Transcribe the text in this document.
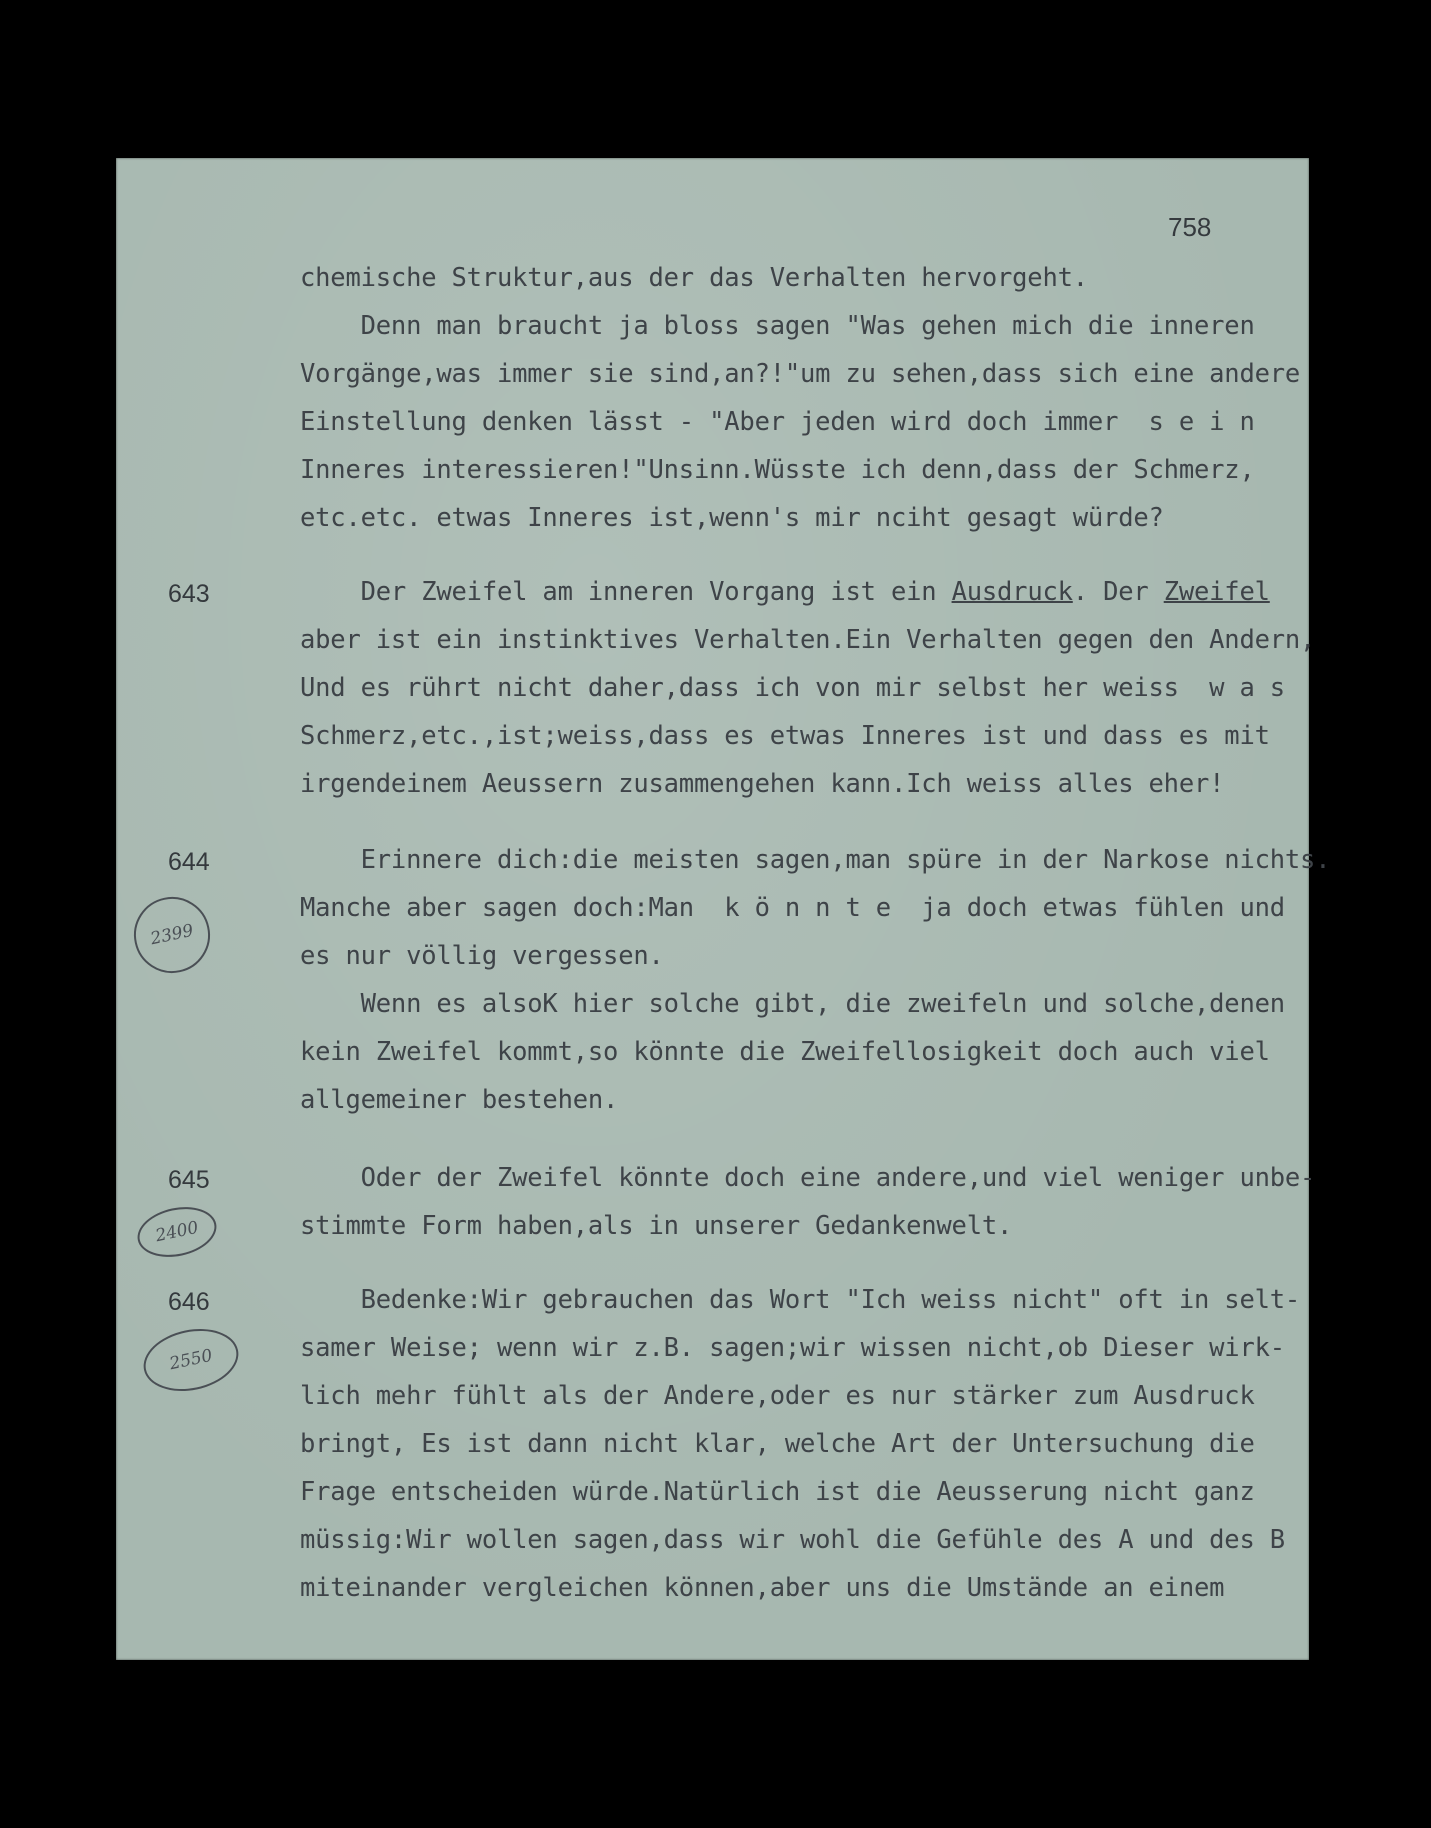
758
chemische Struktur,aus der das Verhalten hervorgeht.
Denn man braucht ja bloss sagen "Was gehen mich die inneren
Vorgänge,was immer sie sind,an?!"um zu sehen,dass sich eine andere
Einstellung denken lässt - "Aber jeden wird doch immer  s e i n
Inneres interessieren!"Unsinn.Wüsste ich denn,dass der Schmerz,
etc.etc. etwas Inneres ist,wenn's mir nciht gesagt würde?
643	Der Zweifel am inneren Vorgang ist ein Ausdruck. Der Zweifel
aber ist ein instinktives Verhalten.Ein Verhalten gegen den Andern,
Und es rührt nicht daher,dass ich von mir selbst her weiss  w a s
Schmerz,etc.,ist;weiss,dass es etwas Inneres ist und dass es mit
irgendeinem Aeussern zusammengehen kann.Ich weiss alles eher!
644
2399
Erinnere dich:die meisten sagen,man spüre in der Narkose nichts.
Manche aber sagen doch:Man  k ö n n t e  ja doch etwas fühlen und
es nur völlig vergessen.
Wenn es alsoK hier solche gibt, die zweifeln und solche,denen
kein Zweifel kommt,so könnte die Zweifellosigkeit doch auch viel
allgemeiner bestehen.
645
2400
Oder der Zweifel könnte doch eine andere,und viel weniger unbe-
stimmte Form haben,als in unserer Gedankenwelt.
646
2550
Bedenke:Wir gebrauchen das Wort "Ich weiss nicht" oft in selt-
samer Weise; wenn wir z.B. sagen;wir wissen nicht,ob Dieser wirk-
lich mehr fühlt als der Andere,oder es nur stärker zum Ausdruck
bringt, Es ist dann nicht klar, welche Art der Untersuchung die
Frage entscheiden würde.Natürlich ist die Aeusserung nicht ganz
müssig:Wir wollen sagen,dass wir wohl die Gefühle des A und des B
miteinander vergleichen können,aber uns die Umstände an einem
